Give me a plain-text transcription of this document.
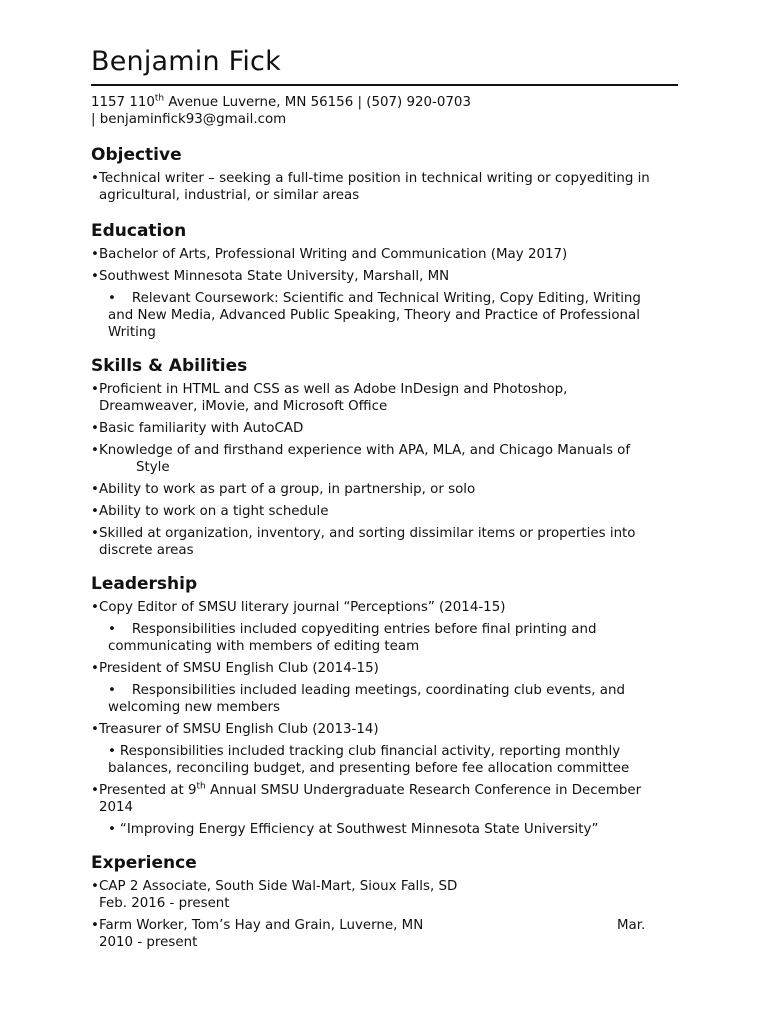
Benjamin Fick
1157 110th Avenue Luverne, MN 56156 | (507) 920-0703 | benjaminfick93@gmail.com
Objective
• Technical writer – seeking a full-time position in technical writing or copyediting in agricultural, industrial, or similar areas
Education
• Bachelor of Arts, Professional Writing and Communication (May 2017)
• Southwest Minnesota State University, Marshall, MN
• Relevant Coursework: Scientific and Technical Writing, Copy Editing, Writing and New Media, Advanced Public Speaking, Theory and Practice of Professional Writing
Skills & Abilities
• Proficient in HTML and CSS as well as Adobe InDesign and Photoshop, Dreamweaver, iMovie, and Microsoft Office
• Basic familiarity with AutoCAD
• Knowledge of and firsthand experience with APA, MLA, and Chicago Manuals of
Style
• Ability to work as part of a group, in partnership, or solo
• Ability to work on a tight schedule
• Skilled at organization, inventory, and sorting dissimilar items or properties into discrete areas
Leadership
• Copy Editor of SMSU literary journal “Perceptions” (2014-15)
• Responsibilities included copyediting entries before final printing and communicating with members of editing team
• President of SMSU English Club (2014-15)
• Responsibilities included leading meetings, coordinating club events, and welcoming new members
• Treasurer of SMSU English Club (2013-14)
• Responsibilities included tracking club financial activity, reporting monthly balances, reconciling budget, and presenting before fee allocation committee
• Presented at 9th Annual SMSU Undergraduate Research Conference in December 2014
• “Improving Energy Efficiency at Southwest Minnesota State University”
Experience
• CAP 2 Associate, South Side Wal-Mart, Sioux Falls, SD
Feb. 2016 - present
• Farm Worker, Tom’s Hay and Grain, Luverne, MN	Mar.

2010 - present
